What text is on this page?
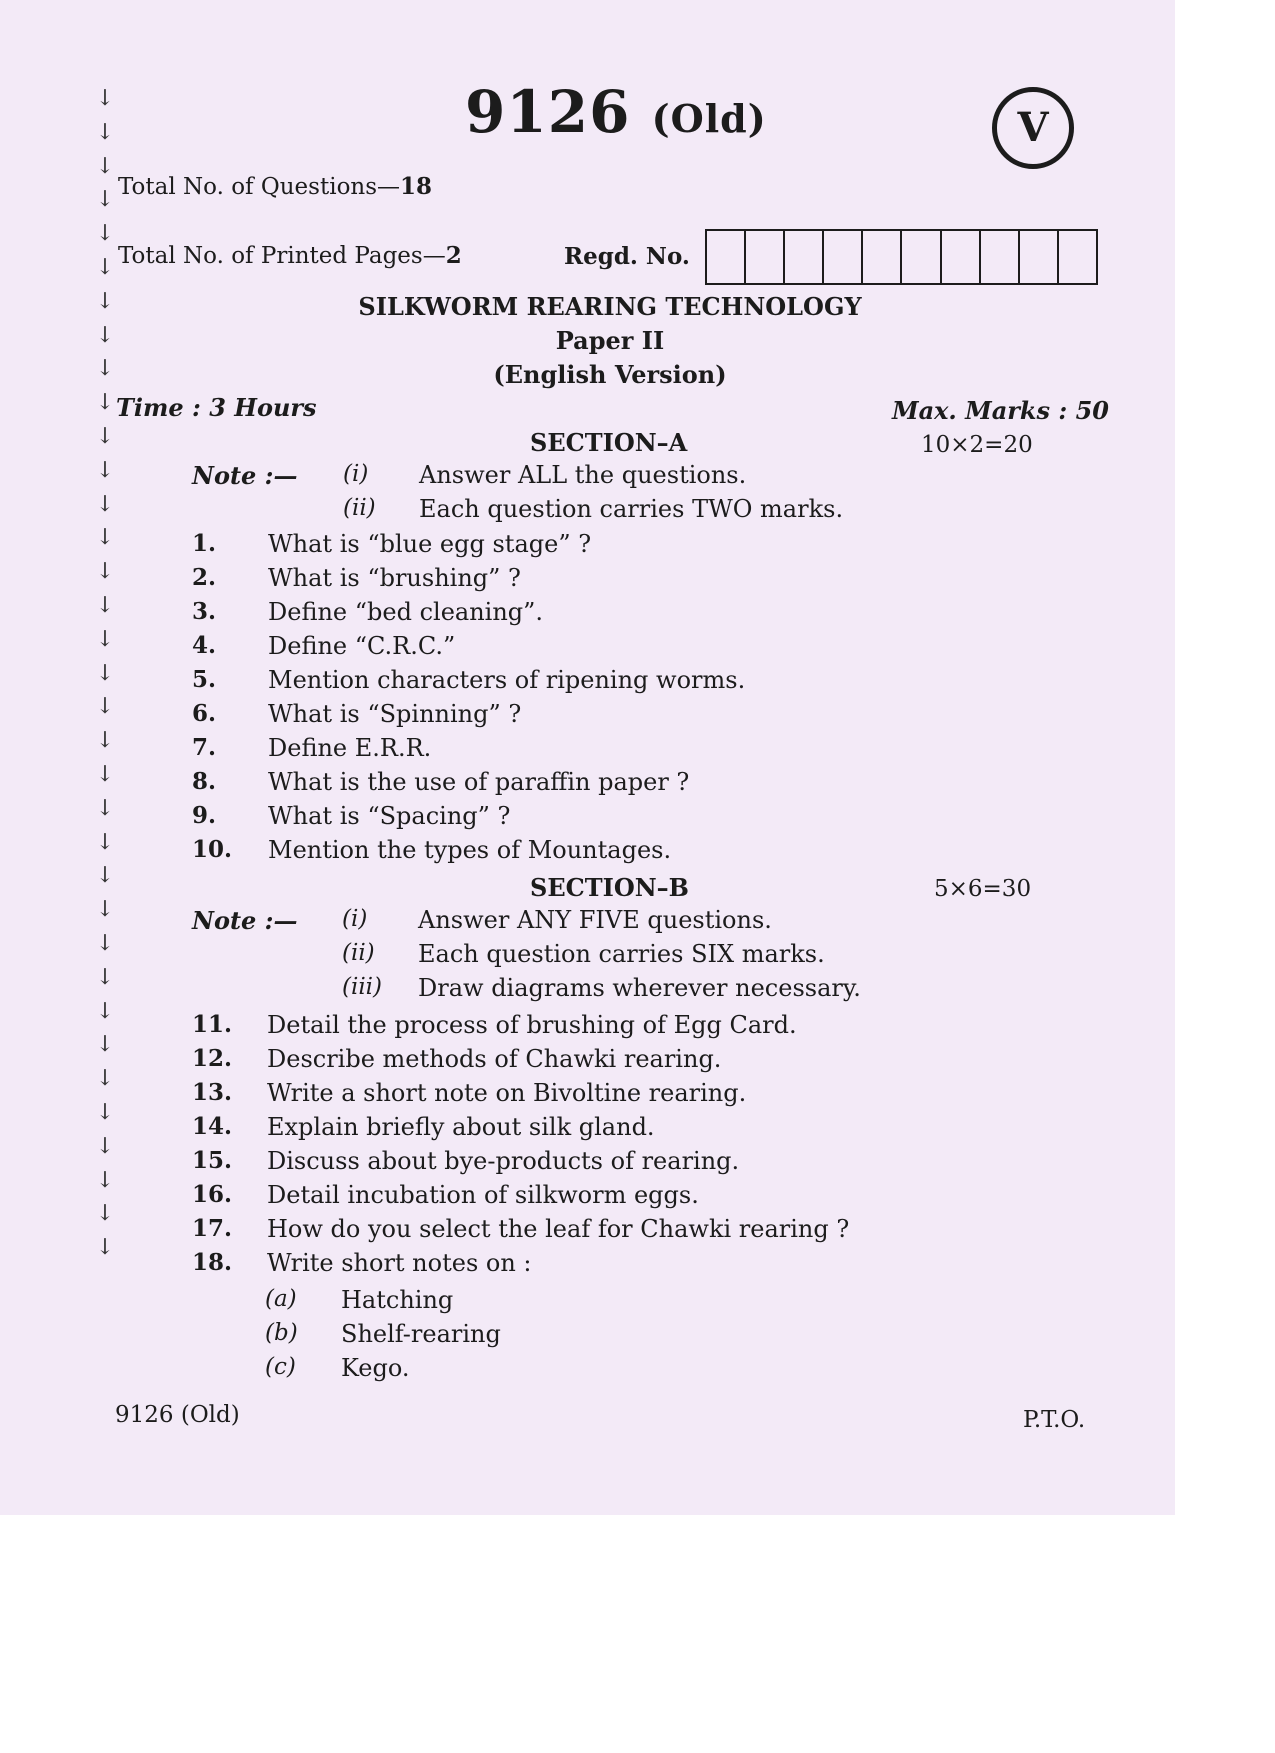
↓
↓
↓
↓
↓
↓
↓
↓
↓
↓
↓
↓
↓
↓
↓
↓
↓
↓
↓
↓
↓
↓
↓
↓
↓
↓
↓
↓
↓
↓
↓
↓
↓
↓
↓
9126 (Old)	V
Total No. of Questions—18
Total No. of Printed Pages—2	Regd. No.
SILKWORM REARING TECHNOLOGY
Paper II
(English Version)
Time : 3 Hours	Max. Marks : 50
SECTION–A	10×2=20
Note :— (i) Answer ALL the questions.
(ii) Each question carries TWO marks.
1. What is “blue egg stage” ?
2. What is “brushing” ?
3. Define “bed cleaning”.
4. Define “C.R.C.”
5. Mention characters of ripening worms.
6. What is “Spinning” ?
7. Define E.R.R.
8. What is the use of paraffin paper ?
9. What is “Spacing” ?
10. Mention the types of Mountages.
SECTION–B	5×6=30
Note :— (i) Answer ANY FIVE questions.
(ii) Each question carries SIX marks.
(iii) Draw diagrams wherever necessary.
11. Detail the process of brushing of Egg Card.
12. Describe methods of Chawki rearing.
13. Write a short note on Bivoltine rearing.
14. Explain briefly about silk gland.
15. Discuss about bye-products of rearing.
16. Detail incubation of silkworm eggs.
17. How do you select the leaf for Chawki rearing ?
18. Write short notes on :
(a) Hatching
(b) Shelf-rearing
(c) Kego.
9126 (Old)	P.T.O.
